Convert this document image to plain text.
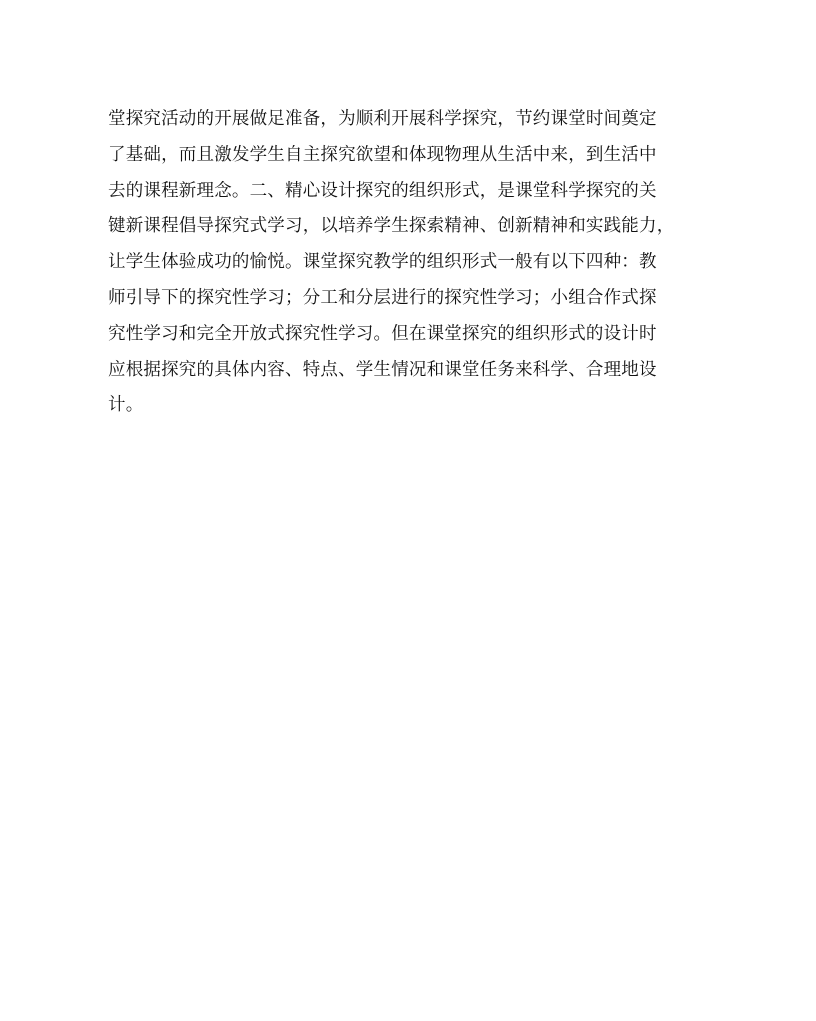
堂探究活动的开展做足准备，为顺利开展科学探究，节约课堂时间奠定
了基础，而且激发学生自主探究欲望和体现物理从生活中来，到生活中
去的课程新理念。二、精心设计探究的组织形式，是课堂科学探究的关
键新课程倡导探究式学习，以培养学生探索精神、创新精神和实践能力，
让学生体验成功的愉悦。课堂探究教学的组织形式一般有以下四种：教
师引导下的探究性学习；分工和分层进行的探究性学习；小组合作式探
究性学习和完全开放式探究性学习。但在课堂探究的组织形式的设计时
应根据探究的具体内容、特点、学生情况和课堂任务来科学、合理地设
计。
